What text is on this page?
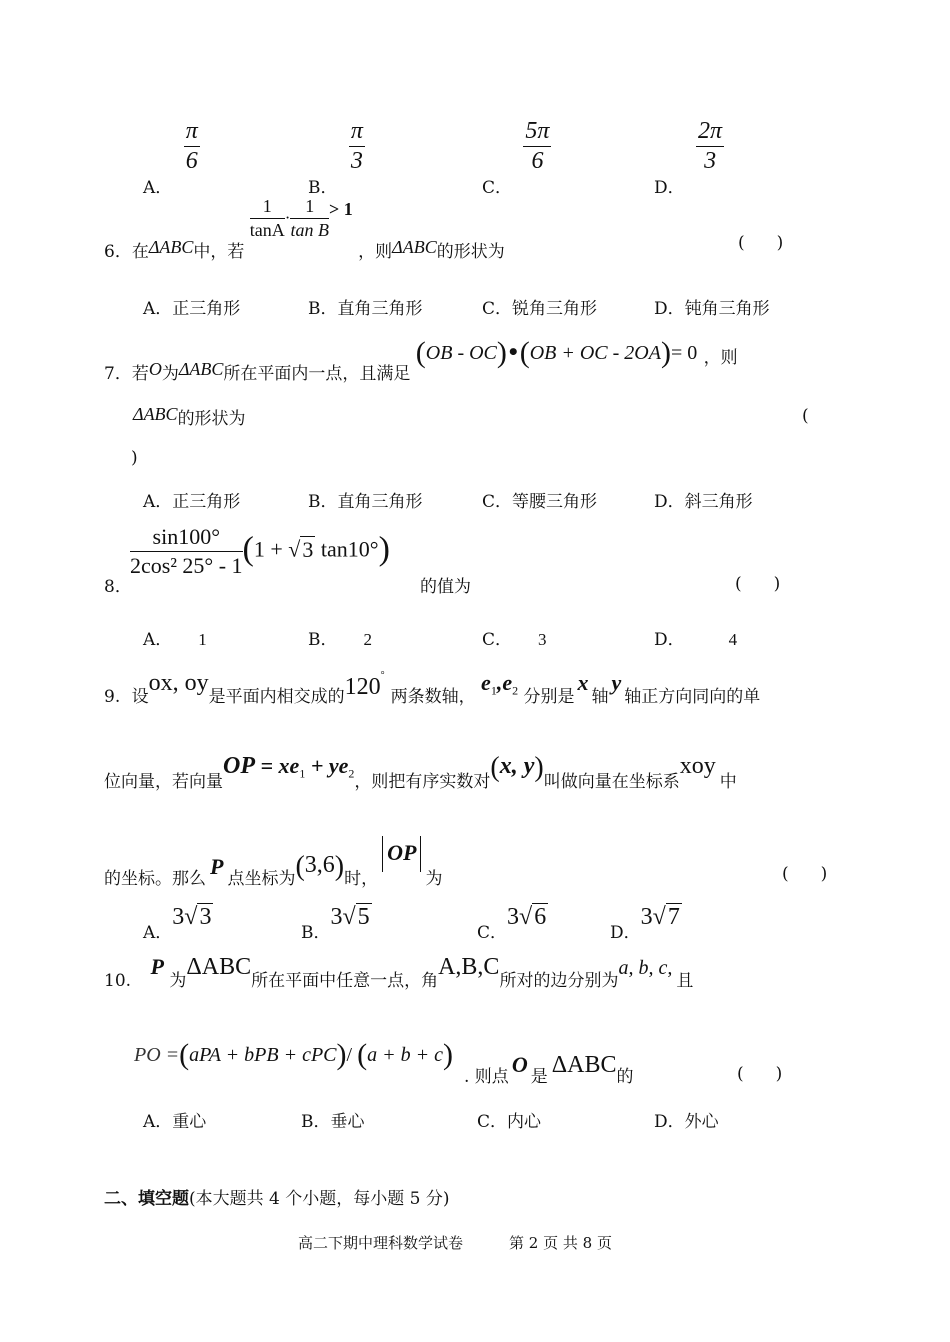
A．
$\frac{\pi}{6}$
B．
$\frac{\pi}{3}$
C．
$\frac{5\pi}{6}$
D．
$\frac{2\pi}{3}$
6．在ΔABC中，若
$\frac{1}{\tan A} \cdot \frac{1}{\text{tan B}} > 1$ ，则ΔABC的形状为	( )
A．正三角形	B．直角三角形	C．锐角三角形	D．钝角三角形
7．若O为ΔABC所在平面内一点，且满足 (OB - OC)•(OB + OC - 2OA)= 0 ，则
ΔABC的形状为	(
)
A．正三角形	B．直角三角形	C．等腰三角形	D．斜三角形
8．
$\frac{\sin 100^\circ}{\text{2cos² 25° - 1}} (1 + √3$ tan10°)
的值为	( )
A． 1	B． 2	C． 3	D．	4
9. 设ox, oy是平面内相交成的120°两条数轴， $e_1,e_2$ 分别是x轴y轴正方向同向的单
位向量，若向量OP = $xe_1 + ye_2$，则把有序实数对(x, y)叫做向量在坐标系xoy中
的坐标。那么 P 点坐标为(3,6)时，OP为	( )
A．3√3
B．3√5
C．3√6
D．3√7
10. P 为ΔABC所在平面中任意一点，角A,B,C所对的边分别为a, b, c,且
PO =(aPA + bPB + cPC)/ (a + b + c)
. 则点 O 是 ΔABC的	( )
A．重心	B．垂心	C．内心	D．外心
二、填空题(本大题共 4 个小题，每小题 5 分)
高二下期中理科数学试卷	第 2 页 共 8 页
